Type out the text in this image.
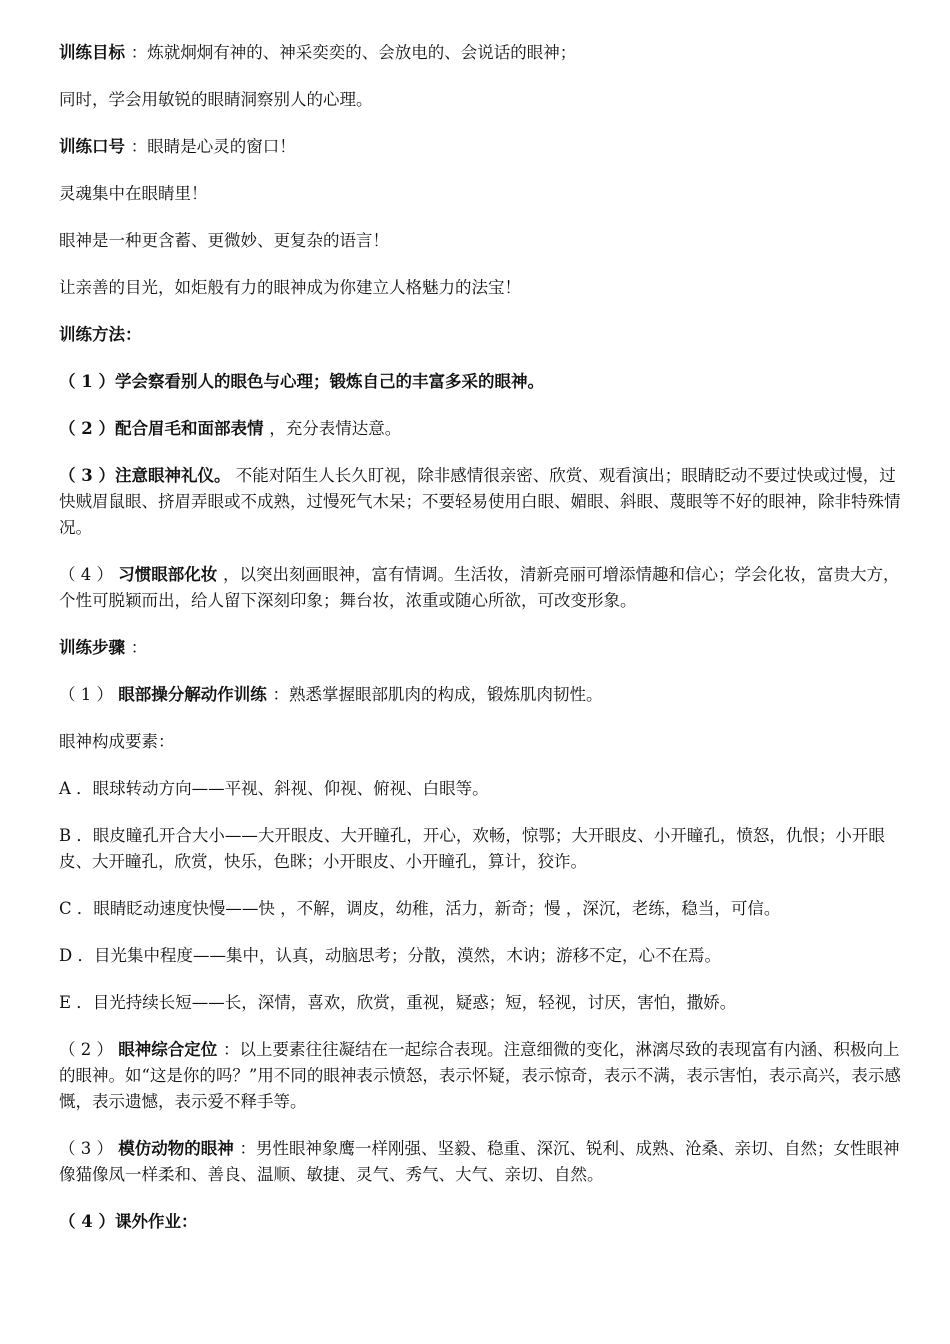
训练目标 ：炼就炯炯有神的、神采奕奕的、会放电的、会说话的眼神；

同时，学会用敏锐的眼睛洞察别人的心理。

训练口号 ：眼睛是心灵的窗口！

灵魂集中在眼睛里！

眼神是一种更含蓄、更微妙、更复杂的语言！

让亲善的目光，如炬般有力的眼神成为你建立人格魅力的法宝！

训练方法：

（ 1 ）学会察看别人的眼色与心理；锻炼自己的丰富多采的眼神。

（ 2 ）配合眉毛和面部表情 ，充分表情达意。

（ 3 ）注意眼神礼仪。 不能对陌生人长久盯视，除非感情很亲密、欣赏、观看演出；眼睛眨动不要过快或过慢，过快贼眉鼠眼、挤眉弄眼或不成熟，过慢死气木呆；不要轻易使用白眼、媚眼、斜眼、蔑眼等不好的眼神，除非特殊情况。

（ 4 ） 习惯眼部化妆 ，以突出刻画眼神，富有情调。生活妆，清新亮丽可增添情趣和信心；学会化妆，富贵大方，个性可脱颖而出，给人留下深刻印象；舞台妆，浓重或随心所欲，可改变形象。

训练步骤 ：

（ 1 ） 眼部操分解动作训练 ：熟悉掌握眼部肌肉的构成，锻炼肌肉韧性。

眼神构成要素：

A ．眼球转动方向——平视、斜视、仰视、俯视、白眼等。

B ．眼皮瞳孔开合大小——大开眼皮、大开瞳孔，开心，欢畅，惊鄂；大开眼皮、小开瞳孔，愤怒，仇恨；小开眼皮、大开瞳孔，欣赏，快乐，色眯；小开眼皮、小开瞳孔，算计，狡诈。

C ．眼睛眨动速度快慢——快 ，不解，调皮，幼稚，活力，新奇；慢 ，深沉，老练，稳当，可信。

D ．目光集中程度——集中，认真，动脑思考；分散，漠然，木讷；游移不定，心不在焉。

E ．目光持续长短——长，深情，喜欢，欣赏，重视，疑惑；短，轻视，讨厌，害怕，撒娇。

（ 2 ） 眼神综合定位 ：以上要素往往凝结在一起综合表现。注意细微的变化，淋漓尽致的表现富有内涵、积极向上的眼神。如“这是你的吗？”用不同的眼神表示愤怒，表示怀疑，表示惊奇，表示不满，表示害怕，表示高兴，表示感慨，表示遗憾，表示爱不释手等。

（ 3 ） 模仿动物的眼神 ：男性眼神象鹰一样刚强、坚毅、稳重、深沉、锐利、成熟、沧桑、亲切、自然；女性眼神像猫像凤一样柔和、善良、温顺、敏捷、灵气、秀气、大气、亲切、自然。

（ 4 ）课外作业：
